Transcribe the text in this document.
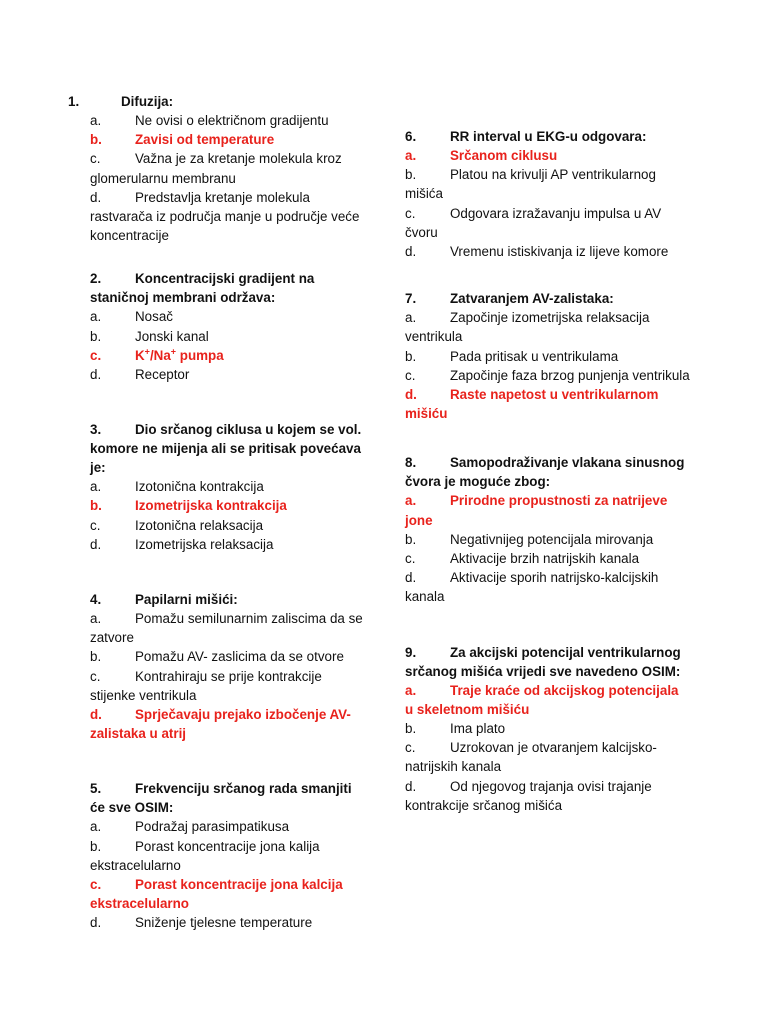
1.	Difuzija:
a.	Ne ovisi o električnom gradijentu
b. Zavisi od temperature
c.	Važna je za kretanje molekula kroz glomerularnu membranu
d.	Predstavlja kretanje molekula rastvarača iz područja manje u područje veće koncentracije
2.	Koncentracijski gradijent na staničnoj membrani održava:
a.	Nosač
b.	Jonski kanal
c.	K+/Na+ pumpa
d.	Receptor
3.	Dio srčanog ciklusa u kojem se vol. komore ne mijenja ali se pritisak povećava je:
a.	Izotonična kontrakcija
b. Izometrijska kontrakcija
c.	Izotonična relaksacija
d.	Izometrijska relaksacija
4.	Papilarni mišići:
a.	Pomažu semilunarnim zaliscima da se zatvore
b.	Pomažu AV- zaslicima da se otvore
c.	Kontrahiraju se prije kontrakcije stijenke ventrikula
d. Sprječavaju prejako izbočenje AV-zalistaka u atrij
5.	Frekvenciju srčanog rada smanjiti će sve OSIM:
a.	Podražaj parasimpatikusa
b.	Porast koncentracije jona kalija ekstracelularno
c.	Porast koncentracije jona kalcija ekstracelularno
d.	Sniženje tjelesne temperature
6.	RR interval u EKG-u odgovara:
a.	Srčanom ciklusu
b.	Platou na krivulji AP ventrikularnog mišića
c.	Odgovara izražavanju impulsa u AV čvoru
d.	Vremenu istiskivanja iz lijeve komore
7.	Zatvaranjem AV-zalistaka:
a.	Započinje izometrijska relaksacija ventrikula
b.	Pada pritisak u ventrikulama
c.	Započinje faza brzog punjenja ventrikula
d. Raste napetost u ventrikularnom mišiću
8.	Samopodraživanje vlakana sinusnog čvora je moguće zbog:
a.	Prirodne propustnosti za natrijeve jone
b.	Negativnijeg potencijala mirovanja
c.	Aktivacije brzih natrijskih kanala
d.	Aktivacije sporih natrijsko-kalcijskih kanala
9.	Za akcijski potencijal ventrikularnog srčanog mišića vrijedi sve navedeno OSIM:
a.	Traje kraće od akcijskog potencijala u skeletnom mišiću
b.	Ima plato
c.	Uzrokovan je otvaranjem kalcijsko-natrijskih kanala
d.	Od njegovog trajanja ovisi trajanje kontrakcije srčanog mišića
